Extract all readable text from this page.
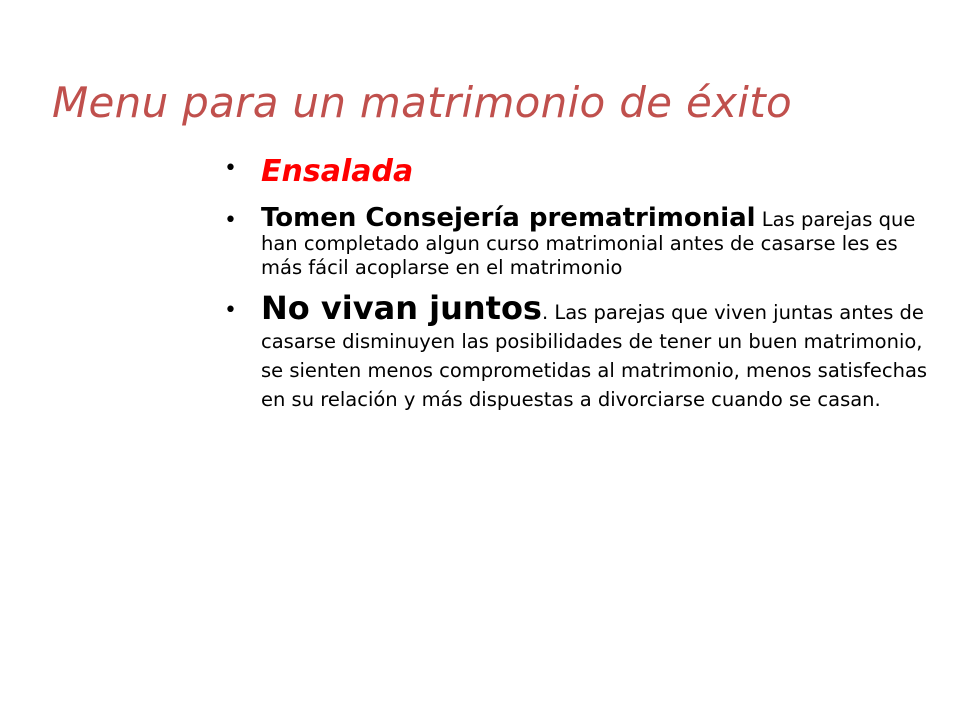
Menu para un matrimonio de éxito
• Ensalada
• Tomen Consejería prematrimonial Las parejas que han completado algun curso matrimonial antes de casarse les es más fácil acoplarse en el matrimonio
• No vivan juntos. Las parejas que viven juntas antes de casarse disminuyen las posibilidades de tener un buen matrimonio, se sienten menos comprometidas al matrimonio, menos satisfechas en su relación y más dispuestas a divorciarse cuando se casan.
